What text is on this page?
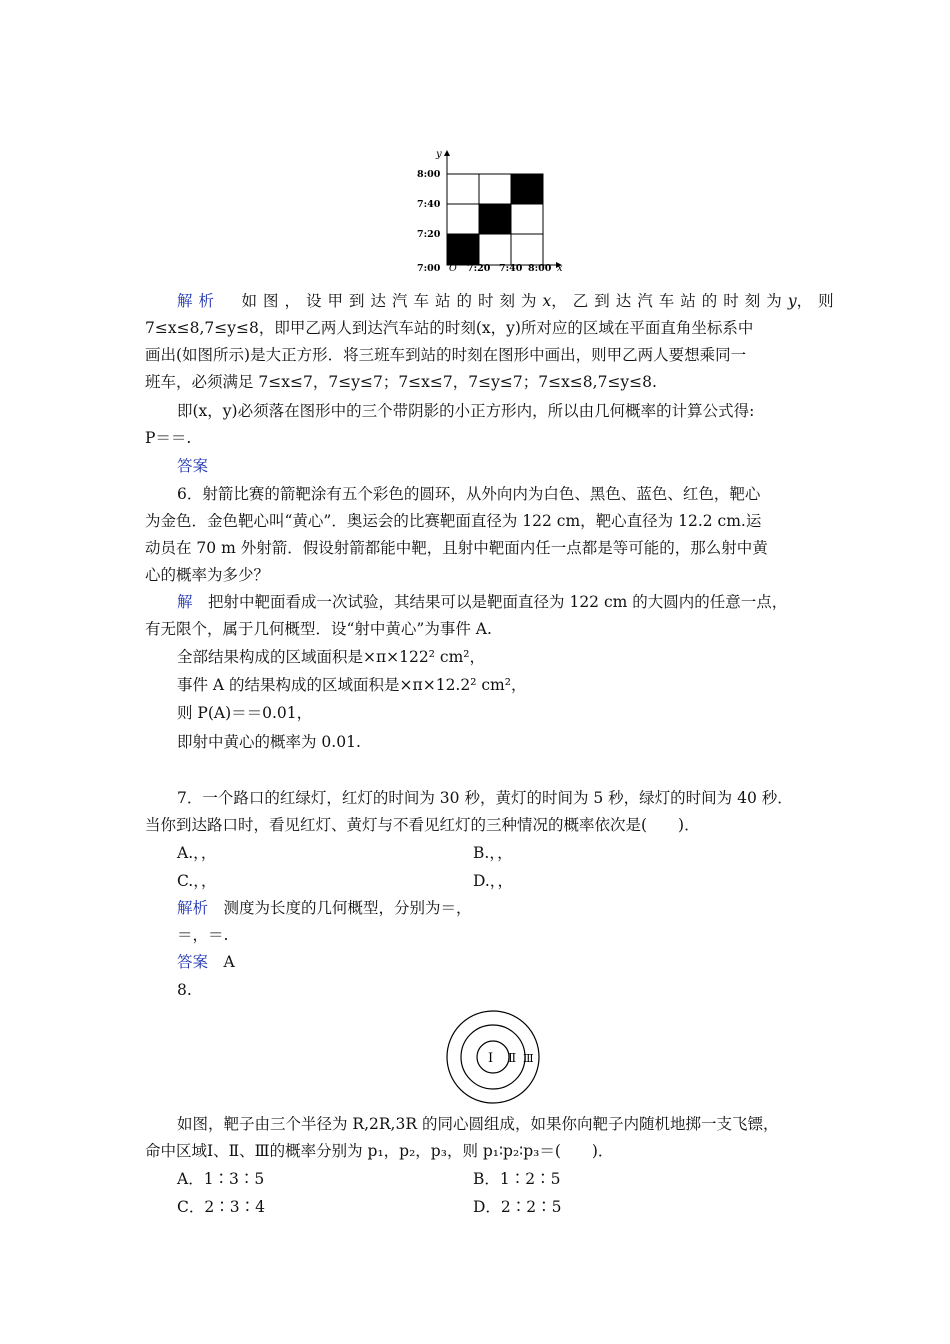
y
x
8:00
7:40
7:20
7:00 O 7:20 7:40 8:00
解析　 如图，设甲到达汽车站的时刻为x，乙到达汽车站的时刻为y，则
7≤x≤8,7≤y≤8，即甲乙两人到达汽车站的时刻(x，y)所对应的区域在平面直角坐标系中
画出(如图所示)是大正方形．将三班车到站的时刻在图形中画出，则甲乙两人要想乘同一
班车，必须满足 7≤x≤7，7≤y≤7；7≤x≤7，7≤y≤7；7≤x≤8,7≤y≤8.
即(x，y)必须落在图形中的三个带阴影的小正方形内，所以由几何概率的计算公式得:
P＝＝.
答案
6．射箭比赛的箭靶涂有五个彩色的圆环，从外向内为白色、黑色、蓝色、红色，靶心
为金色．金色靶心叫“黄心”．奥运会的比赛靶面直径为 122 cm，靶心直径为 12.2 cm.运
动员在 70 m 外射箭．假设射箭都能中靶，且射中靶面内任一点都是等可能的，那么射中黄
心的概率为多少？
解　 把射中靶面看成一次试验，其结果可以是靶面直径为 122 cm 的大圆内的任意一点，
有无限个，属于几何概型．设“射中黄心”为事件 A.
全部结果构成的区域面积是×π×122² cm²，
事件 A 的结果构成的区域面积是×π×12.2² cm²，
则 P(A)＝＝0.01，
即射中黄心的概率为 0.01.
7．一个路口的红绿灯，红灯的时间为 30 秒，黄灯的时间为 5 秒，绿灯的时间为 40 秒．
当你到达路口时，看见红灯、黄灯与不看见红灯的三种情况的概率依次是(　　)．
A.，，	B.，，
C.，，	D.，，
解析　 测度为长度的几何概型，分别为＝，
＝，＝.
答案　 A
8.
Ⅰ Ⅱ Ⅲ
如图，靶子由三个半径为 R,2R,3R 的同心圆组成，如果你向靶子内随机地掷一支飞镖，
命中区域Ⅰ、Ⅱ、Ⅲ的概率分别为 p₁，p₂，p₃，则 p₁∶p₂∶p₃＝(　　)．
A．1∶3∶5	B．1∶2∶5
C．2∶3∶4	D．2∶2∶5
